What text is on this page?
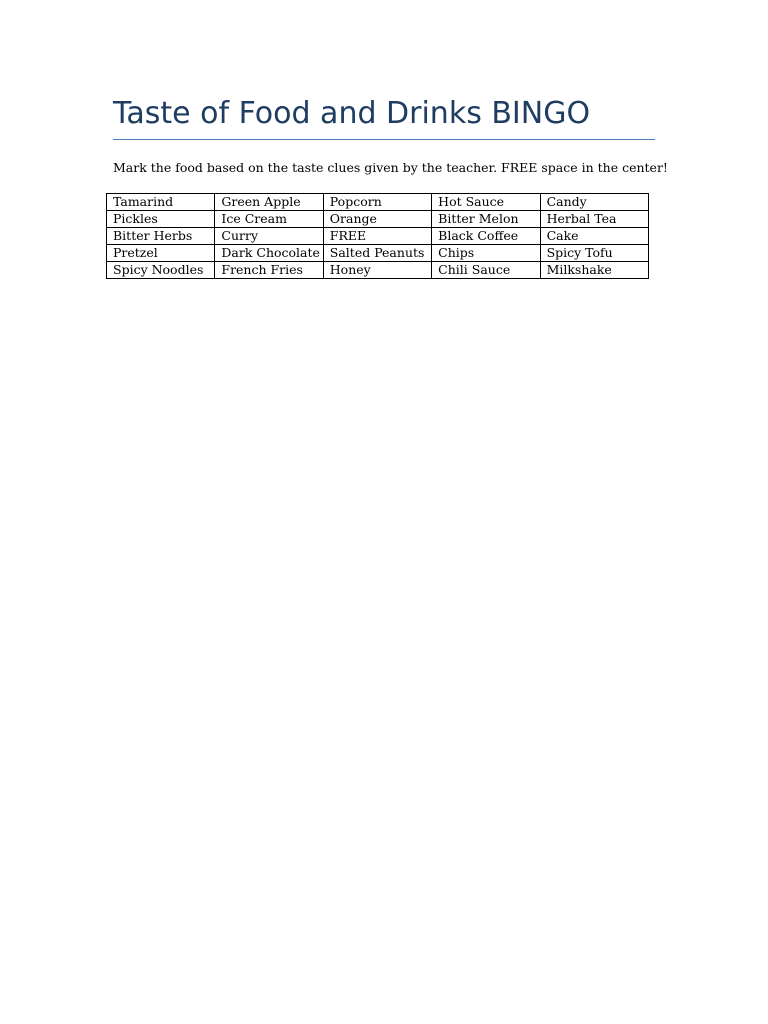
Taste of Food and Drinks BINGO

Mark the food based on the taste clues given by the teacher. FREE space in the center!

Tamarind	Green Apple	Popcorn	Hot Sauce	Candy
Pickles	Ice Cream	Orange	Bitter Melon	Herbal Tea
Bitter Herbs	Curry	FREE	Black Coffee	Cake
Pretzel	Dark Chocolate	Salted Peanuts	Chips	Spicy Tofu
Spicy Noodles	French Fries	Honey	Chili Sauce	Milkshake
